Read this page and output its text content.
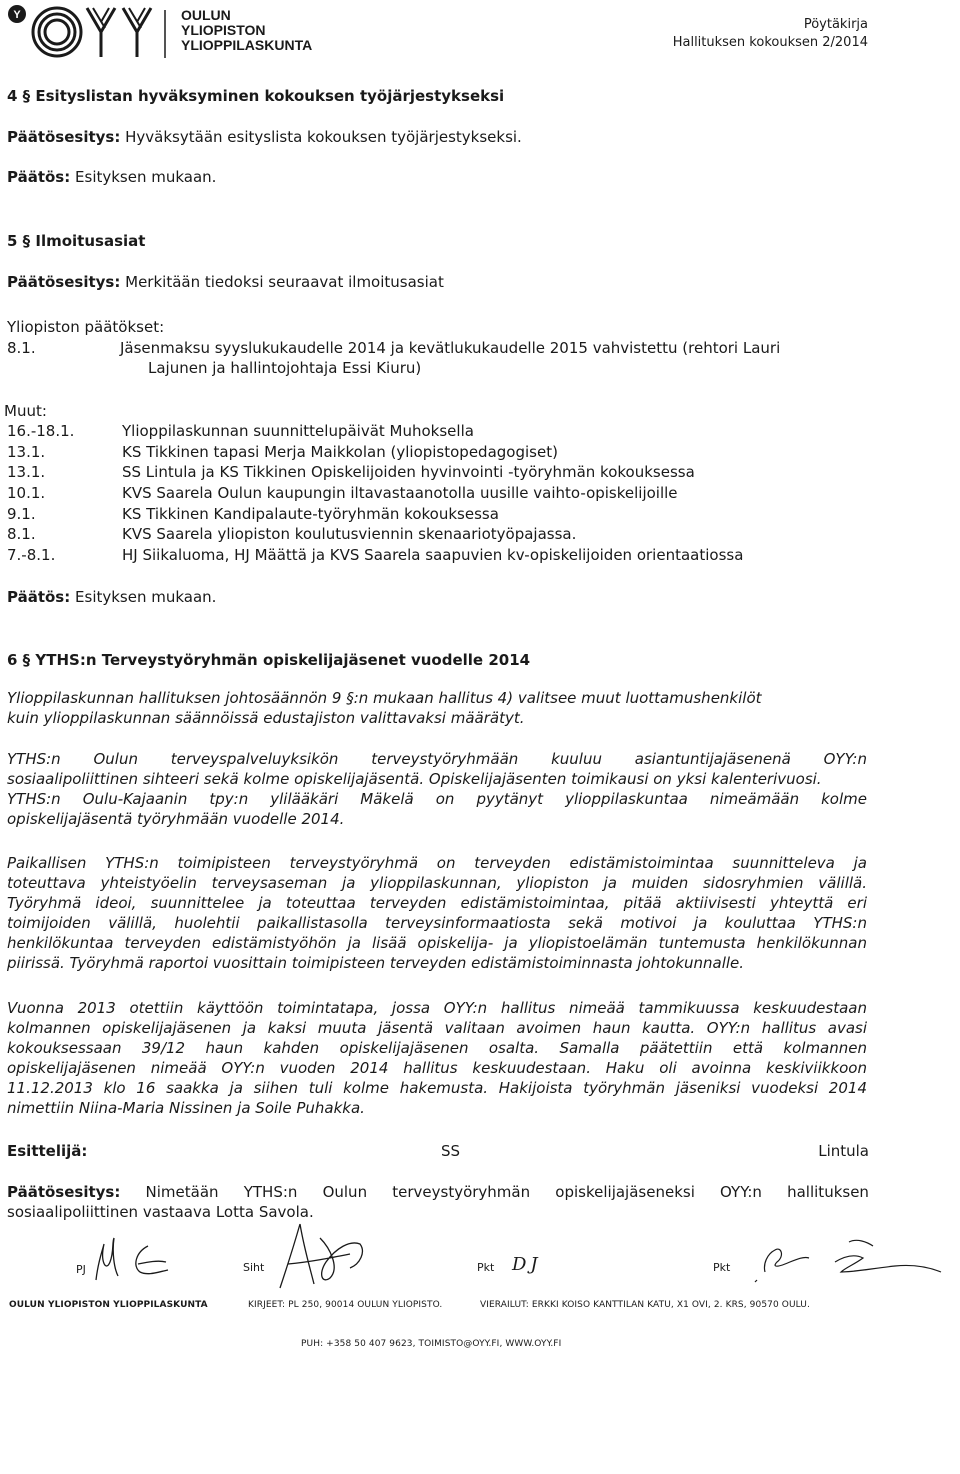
Y	OULUN
YLIOPISTON
YLIOPPILASKUNTA
Pöytäkirja
Hallituksen kokouksen 2/2014
4 § Esityslistan hyväksyminen kokouksen työjärjestykseksi
Päätösesitys: Hyväksytään esityslista kokouksen työjärjestykseksi.
Päätös: Esityksen mukaan.
5 § Ilmoitusasiat
Päätösesitys: Merkitään tiedoksi seuraavat ilmoitusasiat
Yliopiston päätökset:
8.1.	Jäsenmaksu syyslukukaudelle 2014 ja kevätlukukaudelle 2015 vahvistettu (rehtori Lauri
Lajunen ja hallintojohtaja Essi Kiuru)
Muut:
16.-18.1.	Ylioppilaskunnan suunnittelupäivät Muhoksella
13.1.	KS Tikkinen tapasi Merja Maikkolan (yliopistopedagogiset)
13.1.	SS Lintula ja KS Tikkinen Opiskelijoiden hyvinvointi -työryhmän kokouksessa
10.1.	KVS Saarela Oulun kaupungin iltavastaanotolla uusille vaihto-opiskelijoille
9.1.	KS Tikkinen Kandipalaute-työryhmän kokouksessa
8.1.	KVS Saarela yliopiston koulutusviennin skenaariotyöpajassa.
7.-8.1.	HJ Siikaluoma, HJ Määttä ja KVS Saarela saapuvien kv-opiskelijoiden orientaatiossa
Päätös: Esityksen mukaan.
6 § YTHS:n Terveystyöryhmän opiskelijajäsenet vuodelle 2014
Ylioppilaskunnan hallituksen johtosäännön 9 §:n mukaan hallitus 4) valitsee muut luottamushenkilöt
kuin ylioppilaskunnan säännöissä edustajiston valittavaksi määrätyt.
YTHS:n Oulun terveyspalveluyksikön terveystyöryhmään kuuluu asiantuntijajäsenenä OYY:n
sosiaalipoliittinen sihteeri sekä kolme opiskelijajäsentä. Opiskelijajäsenten toimikausi on yksi kalenterivuosi.
YTHS:n Oulu-Kajaanin tpy:n ylilääkäri Mäkelä on pyytänyt ylioppilaskuntaa nimeämään kolme
opiskelijajäsentä työryhmään vuodelle 2014.
Paikallisen YTHS:n toimipisteen terveystyöryhmä on terveyden edistämistoimintaa suunnitteleva ja
toteuttava yhteistyöelin terveysaseman ja ylioppilaskunnan, yliopiston ja muiden sidosryhmien välillä.
Työryhmä ideoi, suunnittelee ja toteuttaa terveyden edistämistoimintaa, pitää aktiivisesti yhteyttä eri
toimijoiden välillä, huolehtii paikallistasolla terveysinformaatiosta sekä motivoi ja kouluttaa YTHS:n
henkilökuntaa terveyden edistämistyöhön ja lisää opiskelija- ja yliopistoelämän tuntemusta henkilökunnan
piirissä. Työryhmä raportoi vuosittain toimipisteen terveyden edistämistoiminnasta johtokunnalle.
Vuonna 2013 otettiin käyttöön toimintatapa, jossa OYY:n hallitus nimeää tammikuussa keskuudestaan
kolmannen opiskelijajäsenen ja kaksi muuta jäsentä valitaan avoimen haun kautta. OYY:n hallitus avasi
kokouksessaan 39/12 haun kahden opiskelijajäsenen osalta. Samalla päätettiin että kolmannen
opiskelijajäsenen nimeää OYY:n vuoden 2014 hallitus keskuudestaan. Haku oli avoinna keskiviikkoon
11.12.2013 klo 16 saakka ja siihen tuli kolme hakemusta. Hakijoista työryhmän jäseniksi vuodeksi 2014
nimettiin Niina-Maria Nissinen ja Soile Puhakka.
Esittelijä:	SS	Lintula
Päätösesitys: Nimetään YTHS:n Oulun terveystyöryhmän opiskelijajäseneksi OYY:n hallituksen
sosiaalipoliittinen vastaava Lotta Savola.
PJ	Siht	Pkt DJ	Pkt
OULUN YLIOPISTON YLIOPPILASKUNTA	KIRJEET: PL 250, 90014 OULUN YLIOPISTO.	VIERAILUT: ERKKI KOISO KANTTILAN KATU, X1 OVI, 2. KRS, 90570 OULU.
PUH: +358 50 407 9623, TOIMISTO@OYY.FI, WWW.OYY.FI
